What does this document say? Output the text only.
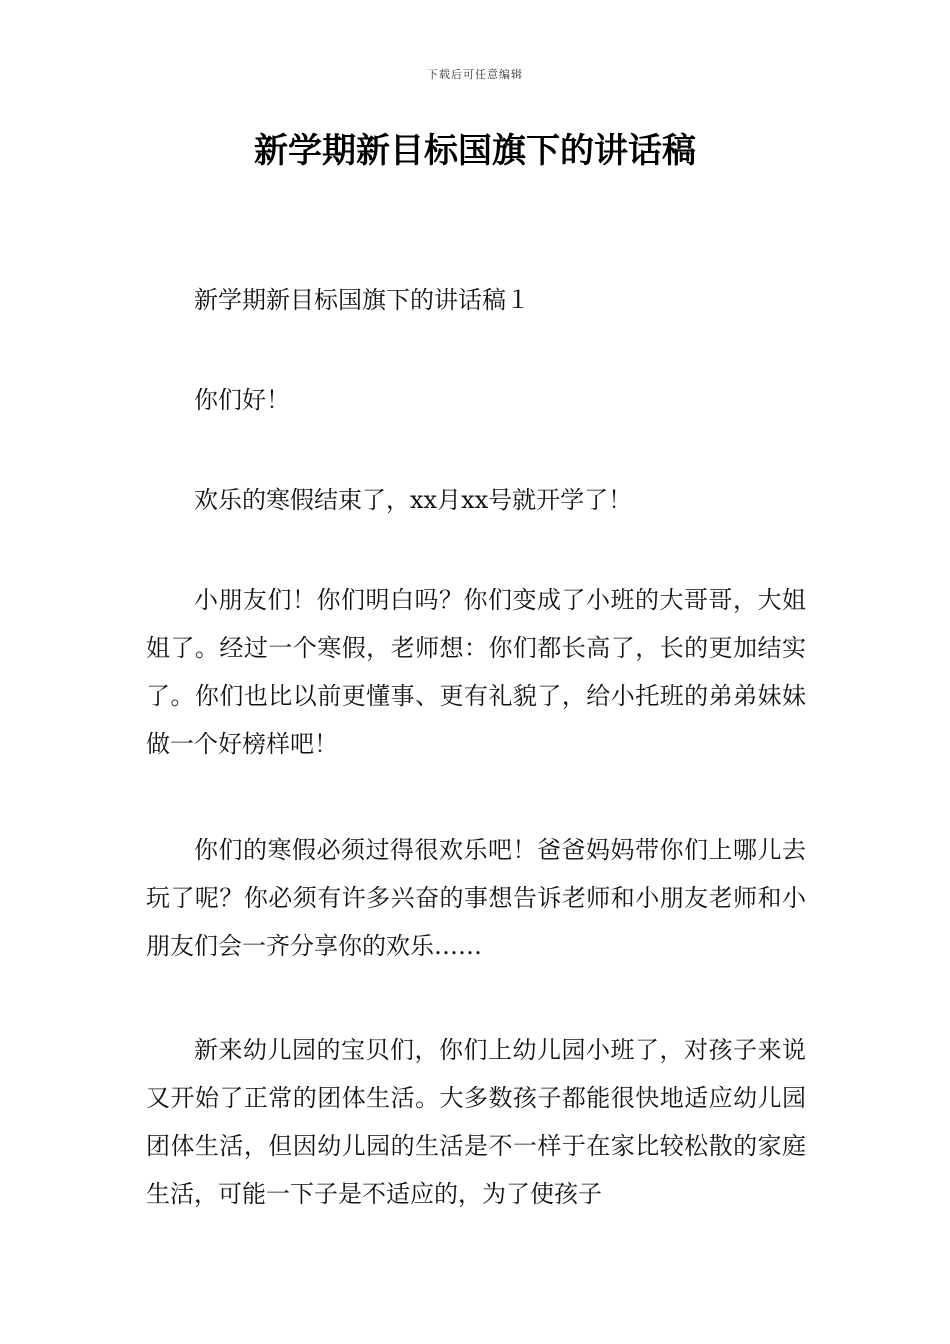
下载后可任意编辑
新学期新目标国旗下的讲话稿

新学期新目标国旗下的讲话稿１

你们好！

欢乐的寒假结束了，xx月xx号就开学了！

小朋友们！你们明白吗？你们变成了小班的大哥哥，大姐姐了。经过一个寒假，老师想：你们都长高了，长的更加结实了。你们也比以前更懂事、更有礼貌了，给小托班的弟弟妹妹做一个好榜样吧！

你们的寒假必须过得很欢乐吧！爸爸妈妈带你们上哪儿去玩了呢？你必须有许多兴奋的事想告诉老师和小朋友老师和小朋友们会一齐分享你的欢乐……

新来幼儿园的宝贝们，你们上幼儿园小班了，对孩子来说又开始了正常的团体生活。大多数孩子都能很快地适应幼儿园团体生活，但因幼儿园的生活是不一样于在家比较松散的家庭生活，可能一下子是不适应的，为了使孩子
